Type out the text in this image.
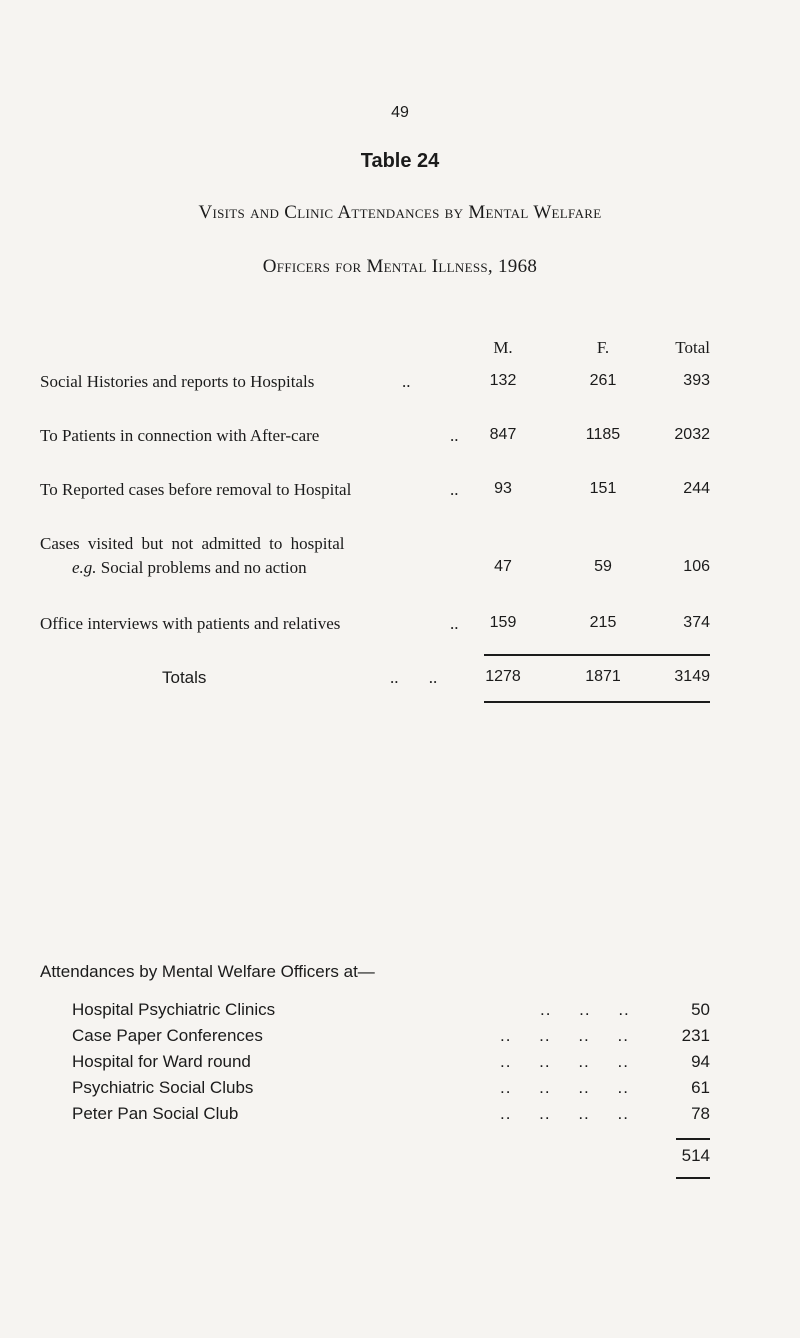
49
Table 24
Visits and Clinic Attendances by Mental Welfare
Officers for Mental Illness, 1968
M.	F.	Total
Social Histories and reports to Hospitals	..	132	261	393
To Patients in connection with After-care	..	847	1185	2032
To Reported cases before removal to Hospital	..	93	151	244
Cases visited but not admitted to hospital
e.g. Social problems and no action	47	59	106
Office interviews with patients and relatives	..	159	215	374
Totals	.. ..	1278	1871	3149
Attendances by Mental Welfare Officers at—
Hospital Psychiatric Clinics	.. .. ..	50
Case Paper Conferences	.. .. .. ..	231
Hospital for Ward round	.. .. .. ..	94
Psychiatric Social Clubs	.. .. .. ..	61
Peter Pan Social Club	.. .. .. ..	78
514
